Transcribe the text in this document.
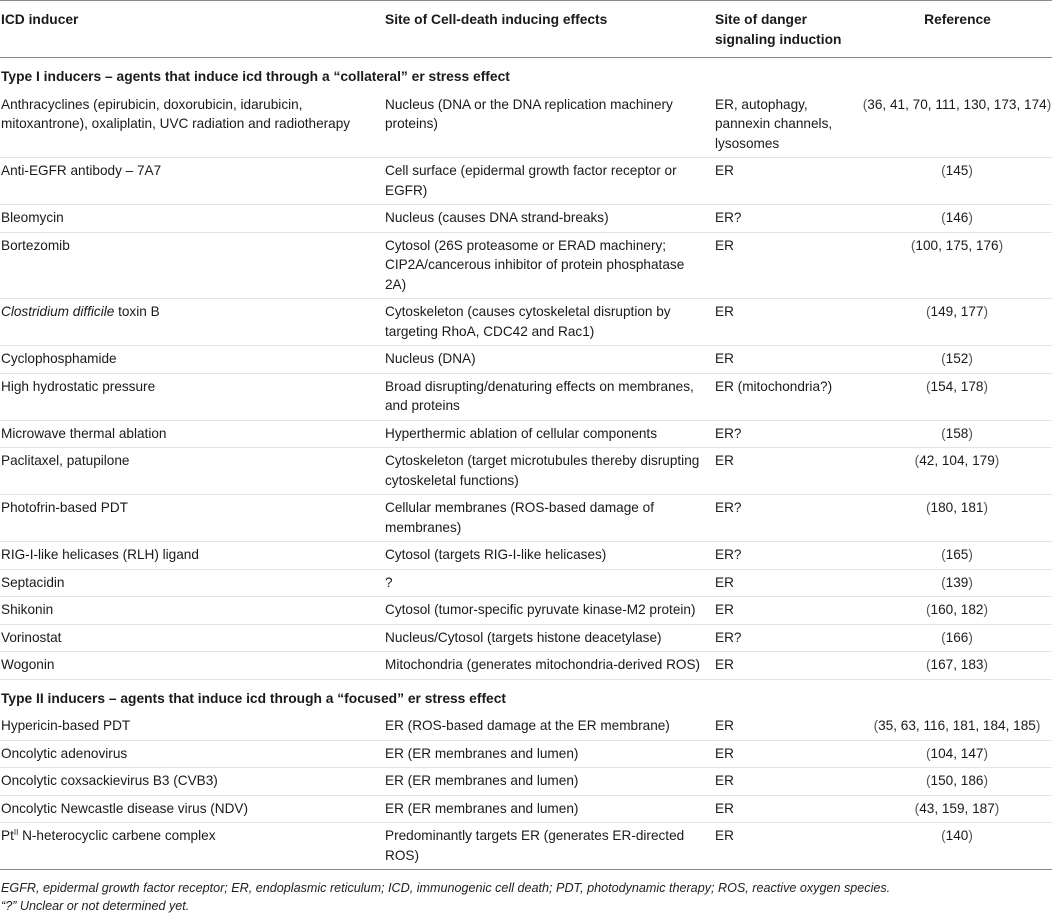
ICD inducer	Site of Cell-death inducing effects	Site of danger signaling induction	Reference
Type I inducers – agents that induce icd through a “collateral” er stress effect			
Anthracyclines (epirubicin, doxorubicin, idarubicin, mitoxantrone), oxaliplatin, UVC radiation and radiotherapy	Nucleus (DNA or the DNA replication machinery proteins)	ER, autophagy, pannexin channels, lysosomes	(36, 41, 70, 111, 130, 173, 174)
Anti-EGFR antibody – 7A7	Cell surface (epidermal growth factor receptor or EGFR)	ER	(145)
Bleomycin	Nucleus (causes DNA strand-breaks)	ER?	(146)
Bortezomib	Cytosol (26S proteasome or ERAD machinery; CIP2A/cancerous inhibitor of protein phosphatase 2A)	ER	(100, 175, 176)
Clostridium difficile toxin B	Cytoskeleton (causes cytoskeletal disruption by targeting RhoA, CDC42 and Rac1)	ER	(149, 177)
Cyclophosphamide	Nucleus (DNA)	ER	(152)
High hydrostatic pressure	Broad disrupting/denaturing effects on membranes, and proteins	ER (mitochondria?)	(154, 178)
Microwave thermal ablation	Hyperthermic ablation of cellular components	ER?	(158)
Paclitaxel, patupilone	Cytoskeleton (target microtubules thereby disrupting cytoskeletal functions)	ER	(42, 104, 179)
Photofrin-based PDT	Cellular membranes (ROS-based damage of membranes)	ER?	(180, 181)
RIG-I-like helicases (RLH) ligand	Cytosol (targets RIG-I-like helicases)	ER?	(165)
Septacidin	?	ER	(139)
Shikonin	Cytosol (tumor-specific pyruvate kinase-M2 protein)	ER	(160, 182)
Vorinostat	Nucleus/Cytosol (targets histone deacetylase)	ER?	(166)
Wogonin	Mitochondria (generates mitochondria-derived ROS)	ER	(167, 183)
Type II inducers – agents that induce icd through a “focused” er stress effect			
Hypericin-based PDT	ER (ROS-based damage at the ER membrane)	ER	(35, 63, 116, 181, 184, 185)
Oncolytic adenovirus	ER (ER membranes and lumen)	ER	(104, 147)
Oncolytic coxsackievirus B3 (CVB3)	ER (ER membranes and lumen)	ER	(150, 186)
Oncolytic Newcastle disease virus (NDV)	ER (ER membranes and lumen)	ER	(43, 159, 187)
$Pt^{II}$ N-heterocyclic carbene complex	Predominantly targets ER (generates ER-directed ROS)	ER	(140)
EGFR, epidermal growth factor receptor; ER, endoplasmic reticulum; ICD, immunogenic cell death; PDT, photodynamic therapy; ROS, reactive oxygen species.
“?” Unclear or not determined yet.
